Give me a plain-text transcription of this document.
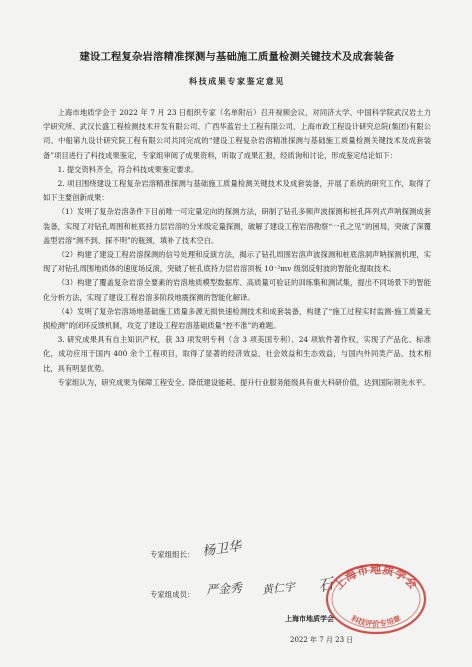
建设工程复杂岩溶精准探测与基础施工质量检测关键技术及成套装备
科技成果专家鉴定意见

上海市地质学会于 2022 年 7 月 23 日组织专家（名单附后）召开视频会议，对同济大学、中国科学院武汉岩土力学研究所、武汉长盛工程检测技术开发有限公司、广西华蓝岩土工程有限公司、上海市政工程设计研究总院(集团)有限公司、中船第九设计研究院工程有限公司共同完成的“建设工程复杂岩溶精准探测与基础施工质量检测关键技术及成套装备”项目进行了科技成果鉴定，专家组审阅了成果资料，听取了成果汇报，经质询和讨论，形成鉴定结论如下：

1. 提交资料齐全，符合科技成果鉴定要求。

2. 项目围绕建设工程复杂岩溶精准探测与基础施工质量检测关键技术及成套装备，开展了系统的研究工作，取得了如下主要创新成果：

（1）发明了复杂岩溶条件下目前唯一可定量定向的探测方法，研制了钻孔多频声波探测和桩孔阵列式声呐探测成套装备，实现了对钻孔周围和桩底持力层岩溶的分米级定量探测，破解了建设工程岩溶勘察“一孔之见”的困局，突破了深覆盖型岩溶“测不到、探不明”的瓶颈，填补了技术空白。

（2）构建了建设工程岩溶探测的信号处理和反演方法，揭示了钻孔周围岩溶声波探测和桩底溶洞声呐探测机理，实现了对钻孔周围地质体的速度场反演，突破了桩孔底持力层岩溶顶板 10⁻²mv 级弱反射波的智能化提取技术。

（3）构建了覆盖复杂岩溶全要素的岩溶地质模型数据库、高质量可验证的训练集和测试集，提出不同场景下的智能化分析方法，实现了建设工程岩溶多阶段地震探测的智能化解译。

（4）发明了复杂岩溶场地基础施工质量多源无损快速检测技术和成套装备，构建了“施工过程实时监测-施工质量无损检测”的闭环反馈机制，攻克了建设工程岩溶基础质量“控不准”的难题。

3. 研究成果具有自主知识产权，获 33 项发明专利（含 3 项美国专利）、24 项软件著作权，实现了产品化、标准化，成功应用于国内 400 余个工程项目，取得了显著的经济效益，社会效益和生态效益，与国内外同类产品、技术相比，具有明显优势。

专家组认为，研究成果为保障工程安全、降低建设能耗、提升行业服务能级具有重大科研价值，达到国际领先水平。

专家组组长： 杨卫华
专家组成员： 严金秀 黄仁宇 石
上海市地质学会
科技评价专用章
上海市地质学会
2022 年 7 月 23 日
